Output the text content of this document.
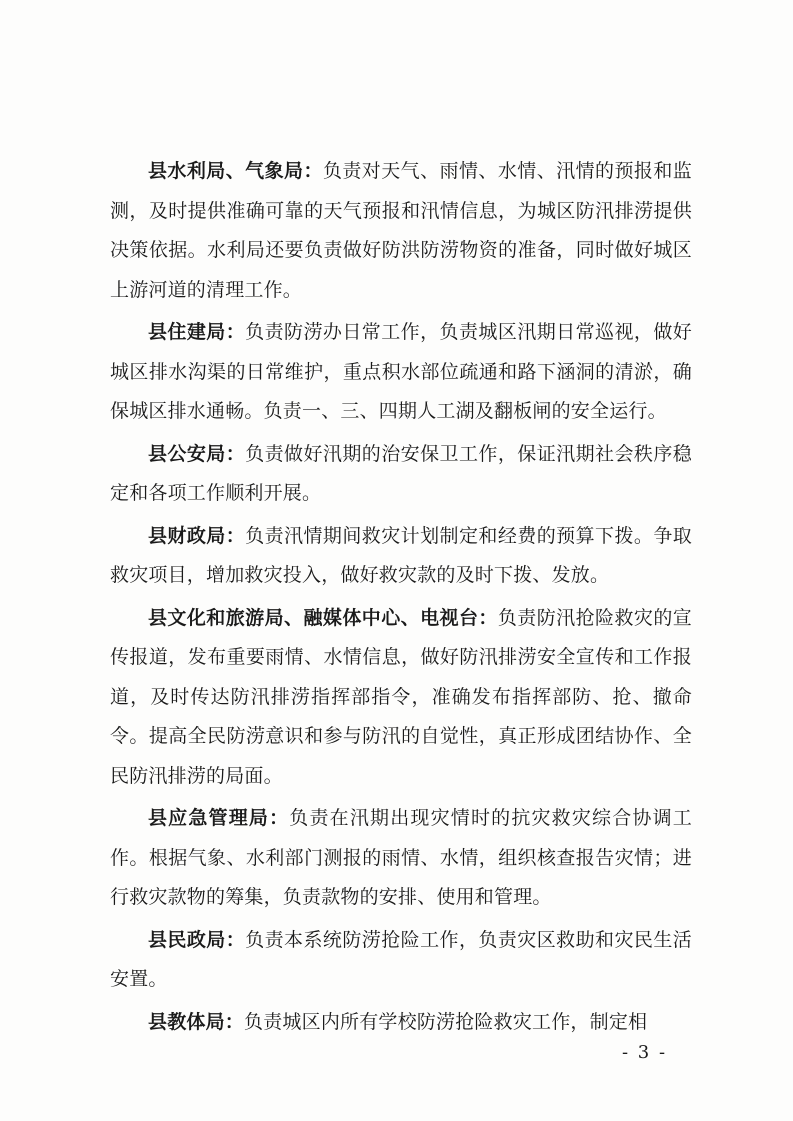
县水利局、气象局：负责对天气、雨情、水情、汛情的预报和监测，及时提供准确可靠的天气预报和汛情信息，为城区防汛排涝提供决策依据。水利局还要负责做好防洪防涝物资的准备，同时做好城区上游河道的清理工作。

县住建局：负责防涝办日常工作，负责城区汛期日常巡视，做好城区排水沟渠的日常维护，重点积水部位疏通和路下涵洞的清淤，确保城区排水通畅。负责一、三、四期人工湖及翻板闸的安全运行。

县公安局：负责做好汛期的治安保卫工作，保证汛期社会秩序稳定和各项工作顺利开展。

县财政局：负责汛情期间救灾计划制定和经费的预算下拨。争取救灾项目，增加救灾投入，做好救灾款的及时下拨、发放。

县文化和旅游局、融媒体中心、电视台：负责防汛抢险救灾的宣传报道，发布重要雨情、水情信息，做好防汛排涝安全宣传和工作报道，及时传达防汛排涝指挥部指令，准确发布指挥部防、抢、撤命令。提高全民防涝意识和参与防汛的自觉性，真正形成团结协作、全民防汛排涝的局面。

县应急管理局：负责在汛期出现灾情时的抗灾救灾综合协调工作。根据气象、水利部门测报的雨情、水情，组织核查报告灾情；进行救灾款物的筹集，负责款物的安排、使用和管理。

县民政局：负责本系统防涝抢险工作，负责灾区救助和灾民生活安置。

县教体局：负责城区内所有学校防涝抢险救灾工作，制定相

- 3 -
